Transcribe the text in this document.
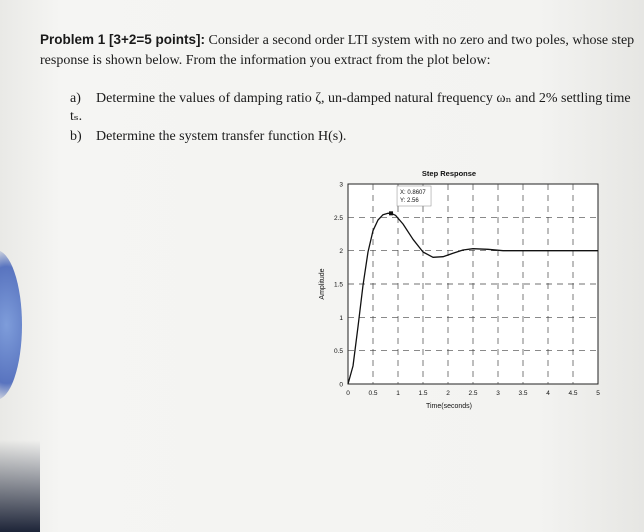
Problem 1 [3+2=5 points]: Consider a second order LTI system with no zero and two poles, whose step
response is shown below. From the information you extract from the plot below:
a) Determine the values of damping ratio ζ, un-damped natural frequency ωₙ and 2% settling time tₛ.
b) Determine the system transfer function H(s).
0	0.5	1	1.5	2	2.5	3	3.5	4	4.5	5
0
0.5
1
1.5
2
2.5
3
Step Response
Time(seconds)
Amplitude
X: 0.8607
Y: 2.56
